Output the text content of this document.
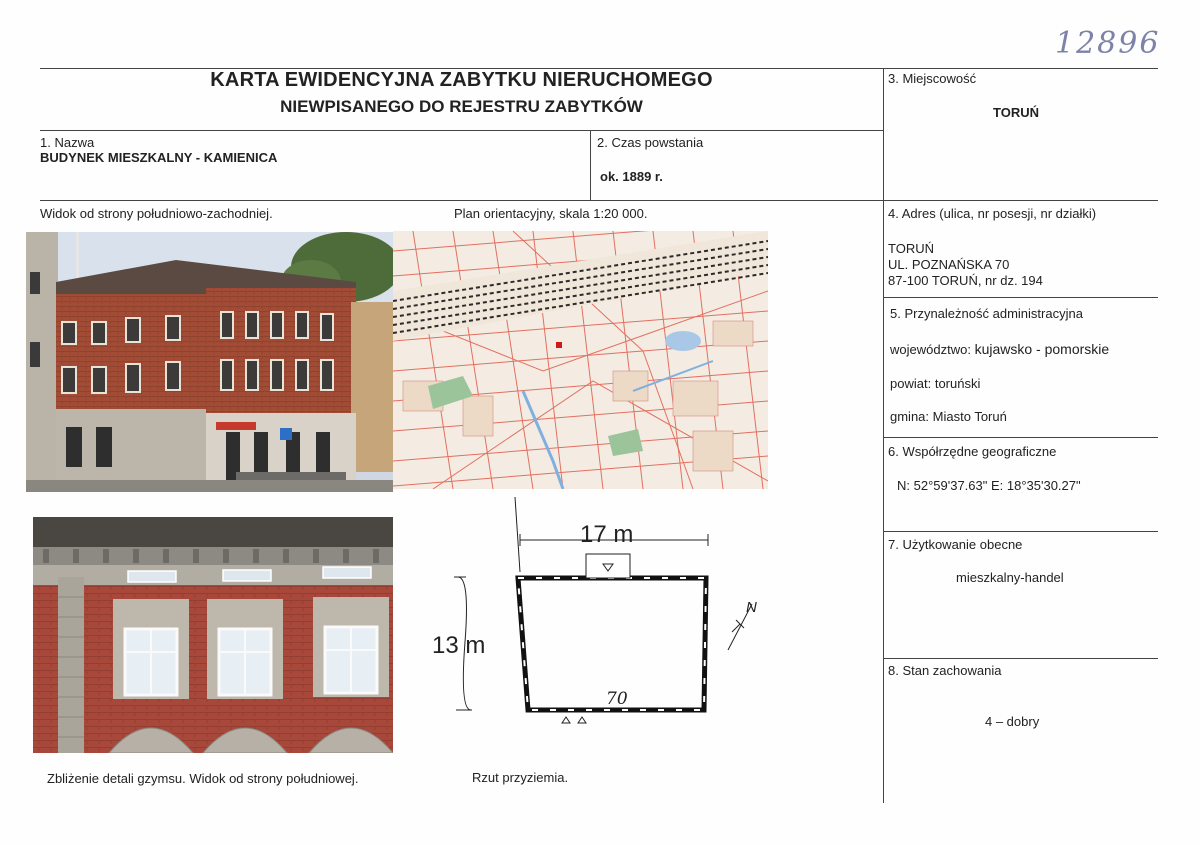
12896
KARTA EWIDENCYJNA ZABYTKU NIERUCHOMEGO
NIEWPISANEGO DO REJESTRU ZABYTKÓW
1. Nazwa
BUDYNEK MIESZKALNY - KAMIENICA
2. Czas powstania
ok. 1889 r.
3. Miejscowość
TORUŃ
4. Adres (ulica, nr posesji, nr działki)
TORUŃ
UL. POZNAŃSKA 70
87-100 TORUŃ, nr dz. 194
5. Przynależność administracyjna
województwo: kujawsko - pomorskie
powiat: toruński
gmina: Miasto Toruń
6. Współrzędne geograficzne
N: 52°59'37.63" E: 18°35'30.27"
7. Użytkowanie obecne
mieszkalny-handel
8. Stan zachowania
4 – dobry
Widok od strony południowo-zachodniej.	Plan orientacyjny, skala 1:20 000.
Zbliżenie detali gzymsu. Widok od strony południowej.	Rzut przyziemia.
17 m
13 m
70
N
